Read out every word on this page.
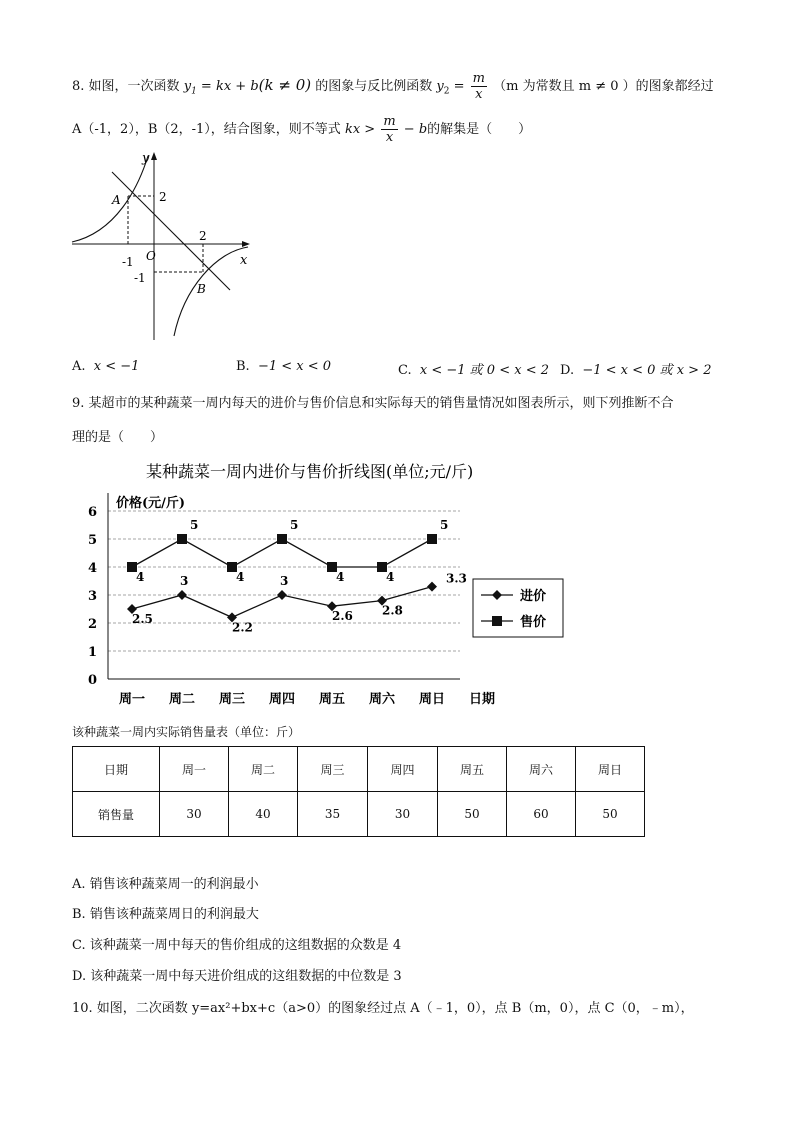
8. 如图，一次函数 $y_1$ = kx + b(k ≠ 0) 的图象与反比例函数 $y_2 = \frac{m}{x} (m$ 为常数且 m ≠ 0 ）的图象都经过
A（-1，2），B（2，-1），结合图象，则不等式 kx > $\frac{m}{x} - b$的解集是（　　）
y
x
O
2
-1
2
-1
A
B
A. x < −1	B. −1 < x < 0	C. x < −1 或 0 < x < 2 D. −1 < x < 0 或 x > 2
9. 某超市的某种蔬菜一周内每天的进价与售价信息和实际每天的销售量情况如图表所示，则下列推断不合
理的是（　　）
某种蔬菜一周内进价与售价折线图(单位;元/斤)
价格(元/斤)
0
1
2
3
4
5
6
周一 周二 周三 周四 周五 周六 周日
2.5
3
2.2
3
2.6 2.8
3.3
4
5
4
5
4	4
5
进价
售价
日期
该种蔬菜一周内实际销售量表（单位：斤）
日期	周一	周二	周三	周四	周五	周六	周日
销售量	30	40	35	30	50	60	50
A. 销售该种蔬菜周一的利润最小
B. 销售该种蔬菜周日的利润最大
C. 该种蔬菜一周中每天的售价组成的这组数据的众数是 4
D. 该种蔬菜一周中每天进价组成的这组数据的中位数是 3
10. 如图，二次函数 y=ax²+bx+c（a>0）的图象经过点 A（﹣1，0），点 B（m，0），点 C（0，﹣m），
